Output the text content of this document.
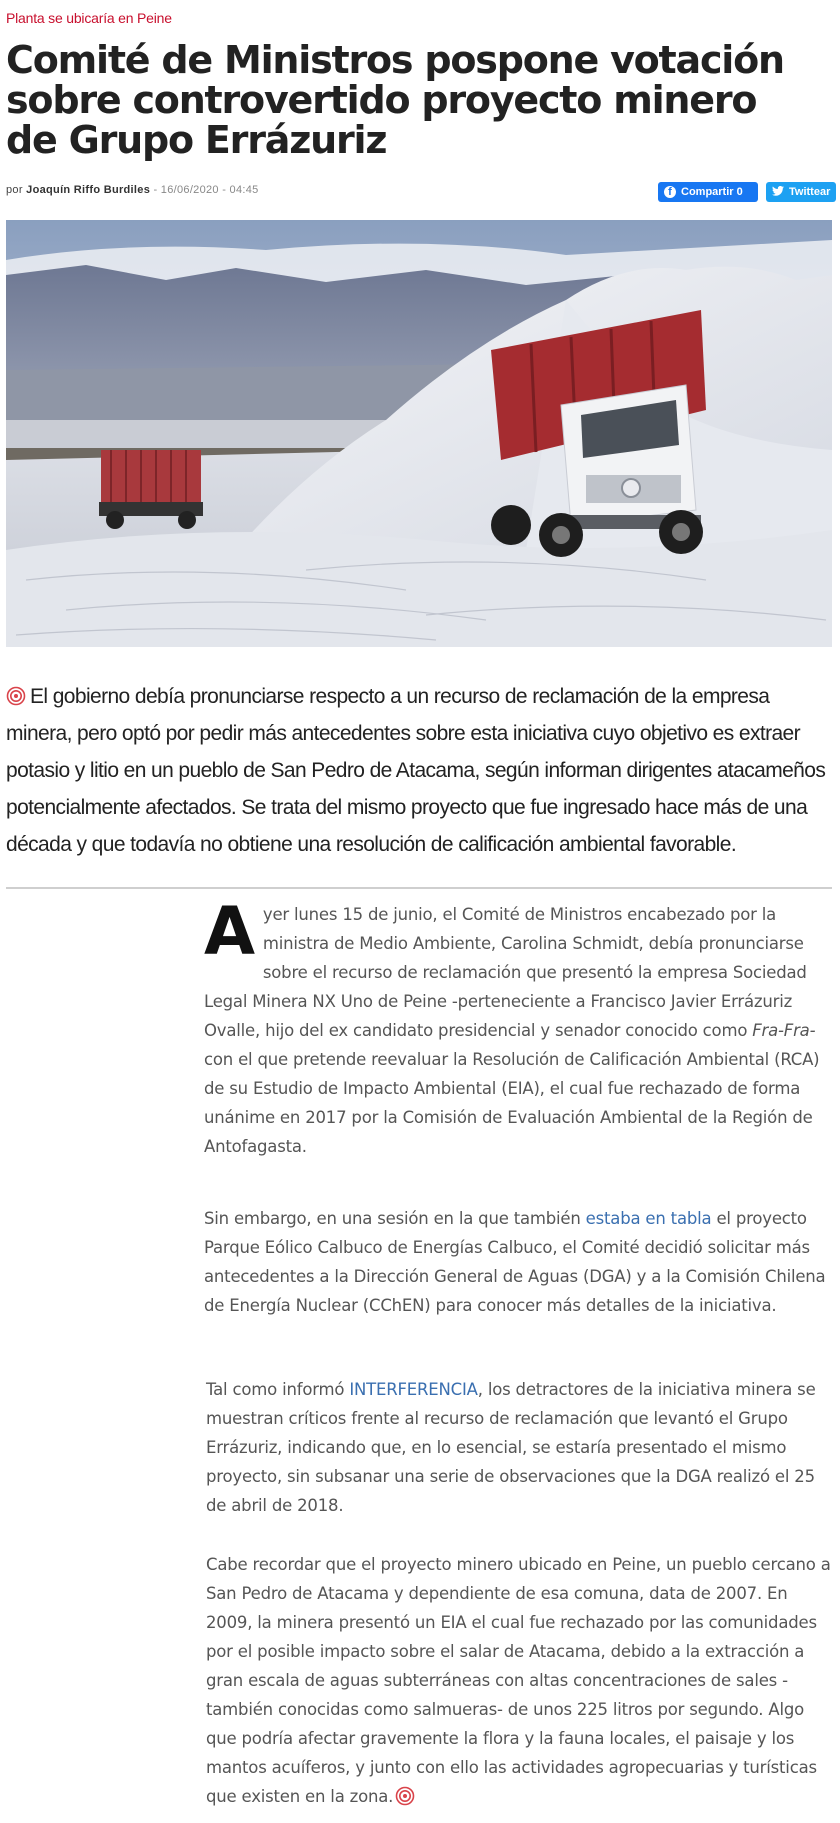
Planta se ubicaría en Peine
Comité de Ministros pospone votación sobre controvertido proyecto minero de Grupo Errázuriz
por Joaquín Riffo Burdiles - 16/06/2020 - 04:45	f Compartir 0	Twittear

El gobierno debía pronunciarse respecto a un recurso de reclamación de la empresa minera, pero optó por pedir más antecedentes sobre esta iniciativa cuyo objetivo es extraer potasio y litio en un pueblo de San Pedro de Atacama, según informan dirigentes atacameños potencialmente afectados. Se trata del mismo proyecto que fue ingresado hace más de una década y que todavía no obtiene una resolución de calificación ambiental favorable.

Ayer lunes 15 de junio, el Comité de Ministros encabezado por la ministra de Medio Ambiente, Carolina Schmidt, debía pronunciarse sobre el recurso de reclamación que presentó la empresa Sociedad Legal Minera NX Uno de Peine -perteneciente a Francisco Javier Errázuriz Ovalle, hijo del ex candidato presidencial y senador conocido como Fra-Fra- con el que pretende reevaluar la Resolución de Calificación Ambiental (RCA) de su Estudio de Impacto Ambiental (EIA), el cual fue rechazado de forma unánime en 2017 por la Comisión de Evaluación Ambiental de la Región de Antofagasta.

Sin embargo, en una sesión en la que también estaba en tabla el proyecto Parque Eólico Calbuco de Energías Calbuco, el Comité decidió solicitar más antecedentes a la Dirección General de Aguas (DGA) y a la Comisión Chilena de Energía Nuclear (CChEN) para conocer más detalles de la iniciativa.

Tal como informó INTERFERENCIA, los detractores de la iniciativa minera se muestran críticos frente al recurso de reclamación que levantó el Grupo Errázuriz, indicando que, en lo esencial, se estaría presentado el mismo proyecto, sin subsanar una serie de observaciones que la DGA realizó el 25 de abril de 2018.

Cabe recordar que el proyecto minero ubicado en Peine, un pueblo cercano a San Pedro de Atacama y dependiente de esa comuna, data de 2007. En 2009, la minera presentó un EIA el cual fue rechazado por las comunidades por el posible impacto sobre el salar de Atacama, debido a la extracción a gran escala de aguas subterráneas con altas concentraciones de sales -también conocidas como salmueras- de unos 225 litros por segundo. Algo que podría afectar gravemente la flora y la fauna locales, el paisaje y los mantos acuíferos, y junto con ello las actividades agropecuarias y turísticas que existen en la zona.
